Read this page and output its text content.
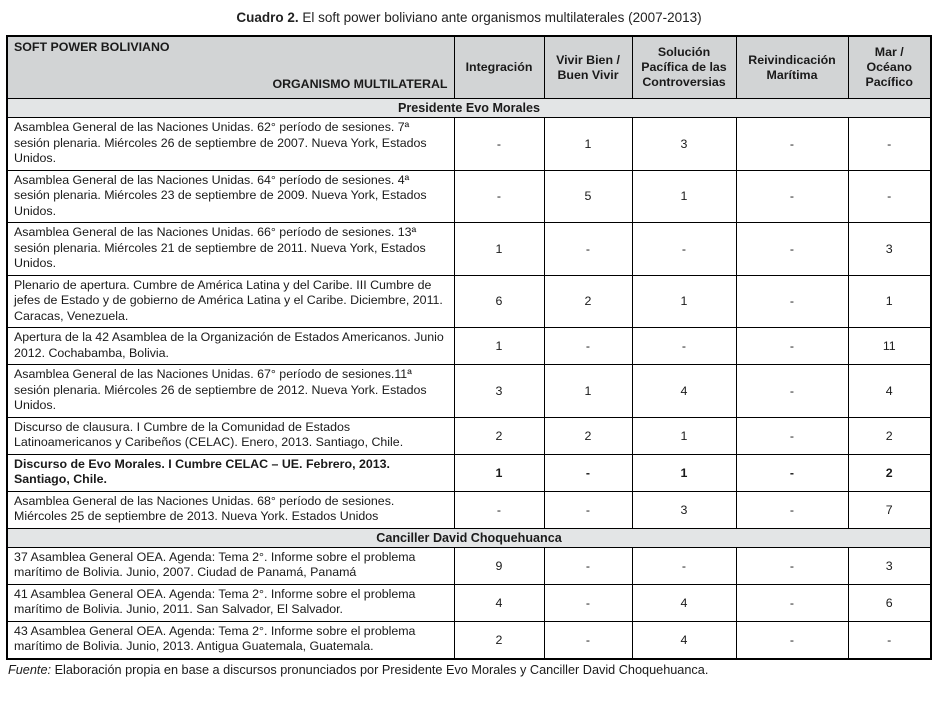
Cuadro 2. El soft power boliviano ante organismos multilaterales (2007-2013)
SOFT POWER BOLIVIANO
ORGANISMO MULTILATERAL	Integración	Vivir Bien / Buen Vivir	Solución Pacífica de las Controversias	Reivindicación Marítima	Mar / Océano Pacífico
Presidente Evo Morales					
Asamblea General de las Naciones Unidas. 62° período de sesiones. 7ª sesión plenaria. Miércoles 26 de septiembre de 2007. Nueva York, Estados Unidos.	-	1	3	-	-
Asamblea General de las Naciones Unidas. 64° período de sesiones. 4ª sesión plenaria. Miércoles 23 de septiembre de 2009. Nueva York, Estados Unidos.	-	5	1	-	-
Asamblea General de las Naciones Unidas. 66° período de sesiones. 13ª sesión plenaria. Miércoles 21 de septiembre de 2011. Nueva York, Estados Unidos.	1	-	-	-	3
Plenario de apertura. Cumbre de América Latina y del Caribe. III Cumbre de jefes de Estado y de gobierno de América Latina y el Caribe. Diciembre, 2011. Caracas, Venezuela.	6	2	1	-	1
Apertura de la 42 Asamblea de la Organización de Estados Americanos. Junio 2012. Cochabamba, Bolivia.	1	-	-	-	11
Asamblea General de las Naciones Unidas. 67° período de sesiones.11ª sesión plenaria. Miércoles 26 de septiembre de 2012. Nueva York. Estados Unidos.	3	1	4	-	4
Discurso de clausura. I Cumbre de la Comunidad de Estados Latinoamericanos y Caribeños (CELAC). Enero, 2013. Santiago, Chile.	2	2	1	-	2
Discurso de Evo Morales. I Cumbre CELAC – UE. Febrero, 2013. Santiago, Chile.	1	-	1	-	2
Asamblea General de las Naciones Unidas. 68° período de sesiones. Miércoles 25 de septiembre de 2013. Nueva York. Estados Unidos	-	-	3	-	7
Canciller David Choquehuanca					
37 Asamblea General OEA. Agenda: Tema 2°. Informe sobre el problema marítimo de Bolivia. Junio, 2007. Ciudad de Panamá, Panamá	9	-	-	-	3
41 Asamblea General OEA. Agenda: Tema 2°. Informe sobre el problema marítimo de Bolivia. Junio, 2011. San Salvador, El Salvador.	4	-	4	-	6
43 Asamblea General OEA. Agenda: Tema 2°. Informe sobre el problema marítimo de Bolivia. Junio, 2013. Antigua Guatemala, Guatemala.	2	-	4	-	-
Fuente: Elaboración propia en base a discursos pronunciados por Presidente Evo Morales y Canciller David Choquehuanca.
